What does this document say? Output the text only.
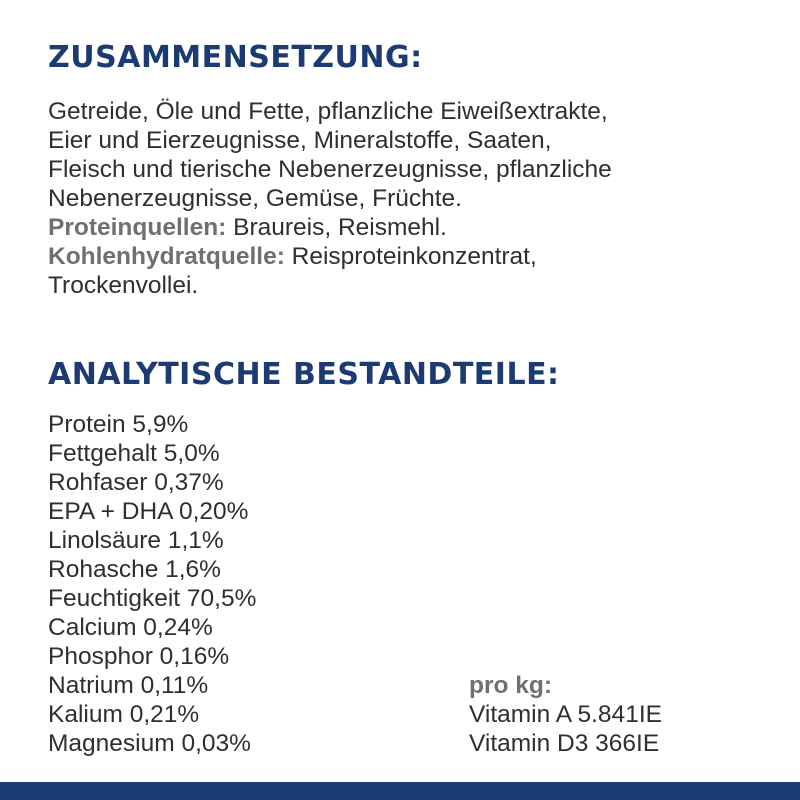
ZUSAMMENSETZUNG:

Getreide, Öle und Fette, pflanzliche Eiweißextrakte,
Eier und Eierzeugnisse, Mineralstoffe, Saaten,
Fleisch und tierische Nebenerzeugnisse, pflanzliche
Nebenerzeugnisse, Gemüse, Früchte.
Proteinquellen: Braureis, Reismehl.
Kohlenhydratquelle: Reisproteinkonzentrat,
Trockenvollei.

ANALYTISCHE BESTANDTEILE:
Protein 5,9%
Fettgehalt 5,0%
Rohfaser 0,37%
EPA + DHA 0,20%
Linolsäure 1,1%
Rohasche 1,6%
Feuchtigkeit 70,5%
Calcium 0,24%
Phosphor 0,16%
Natrium 0,11%
Kalium 0,21%
Magnesium 0,03%
pro kg:
Vitamin A 5.841IE
Vitamin D3 366IE
